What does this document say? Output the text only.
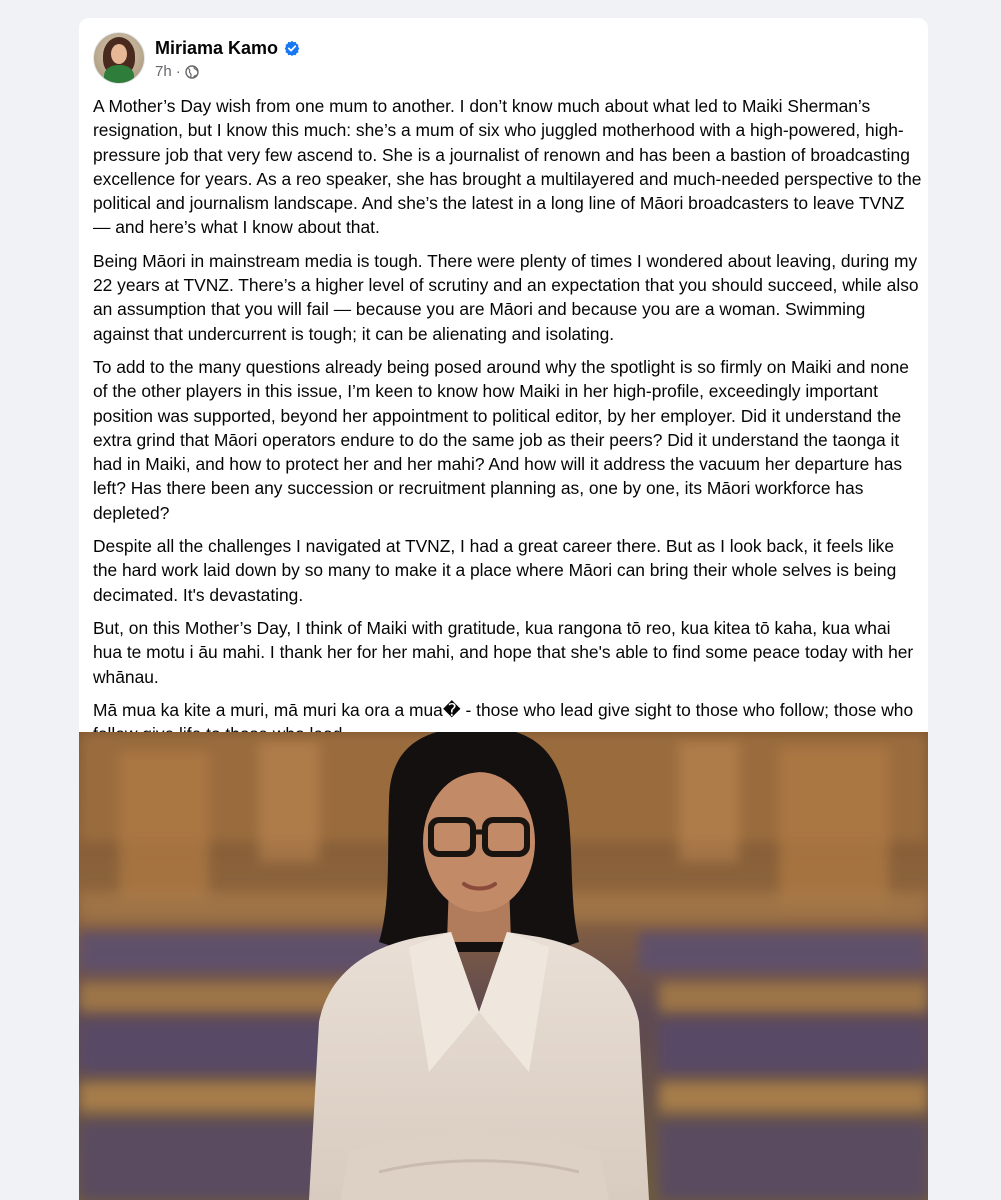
Miriama Kamo
7h ·

A Mother’s Day wish from one mum to another. I don’t know much about what led to Maiki Sherman’s resignation, but I know this much: she’s a mum of six who juggled motherhood with a high-powered, high-pressure job that very few ascend to. She is a journalist of renown and has been a bastion of broadcasting excellence for years. As a reo speaker, she has brought a multilayered and much-needed perspective to the political and journalism landscape. And she’s the latest in a long line of Māori broadcasters to leave TVNZ — and here’s what I know about that.

Being Māori in mainstream media is tough. There were plenty of times I wondered about leaving, during my 22 years at TVNZ. There’s a higher level of scrutiny and an expectation that you should succeed, while also an assumption that you will fail — because you are Māori and because you are a woman. Swimming against that undercurrent is tough; it can be alienating and isolating.

To add to the many questions already being posed around why the spotlight is so firmly on Maiki and none of the other players in this issue, I’m keen to know how Maiki in her high-profile, exceedingly important position was supported, beyond her appointment to political editor, by her employer. Did it understand the extra grind that Māori operators endure to do the same job as their peers? Did it understand the taonga it had in Maiki, and how to protect her and her mahi? And how will it address the vacuum her departure has left? Has there been any succession or recruitment planning as, one by one, its Māori workforce has depleted?

Despite all the challenges I navigated at TVNZ, I had a great career there. But as I look back, it feels like the hard work laid down by so many to make it a place where Māori can bring their whole selves is being decimated. It's devastating.

But, on this Mother’s Day, I think of Maiki with gratitude, kua rangona tō reo, kua kitea tō kaha, kua whai hua te motu i āu mahi. I thank her for her mahi, and hope that she's able to find some peace today with her whānau.

Mā mua ka kite a muri, mā muri ka ora a mua� - those who lead give sight to those who follow; those who
